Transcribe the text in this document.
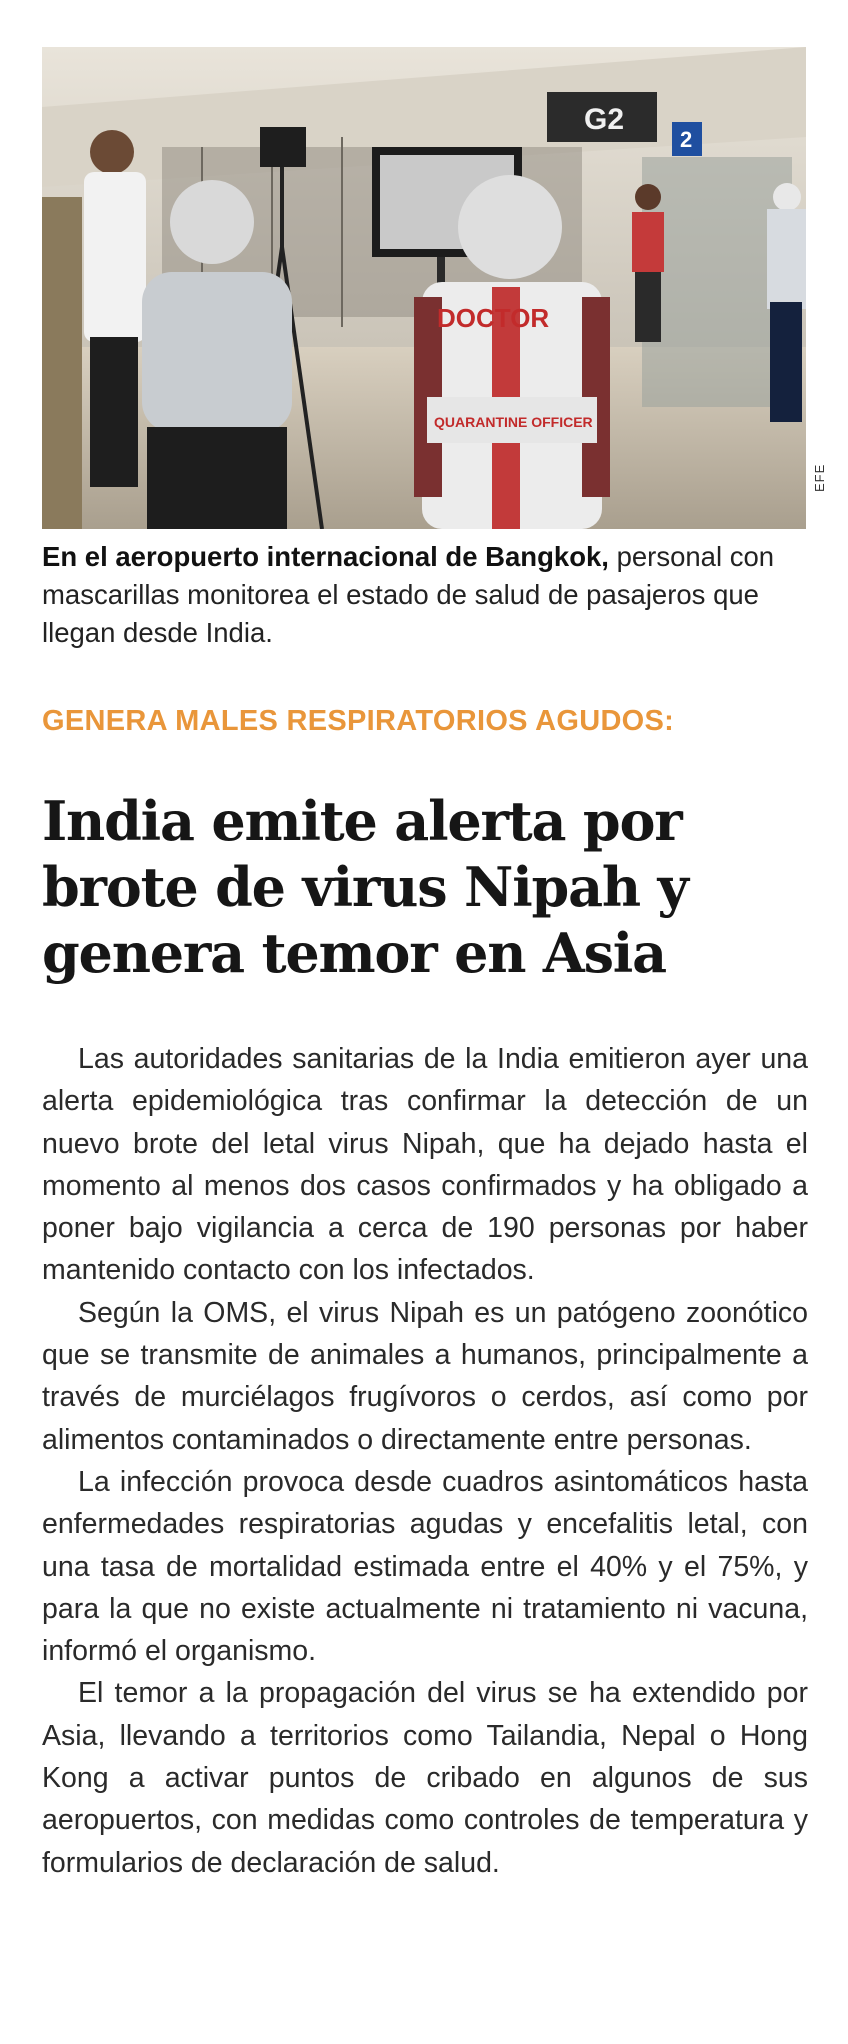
G2
2
DOCTOR
QUARANTINE OFFICER
EFE
En el aeropuerto internacional de Bangkok, personal con mascarillas monitorea el estado de salud de pasajeros que llegan desde India.
GENERA MALES RESPIRATORIOS AGUDOS:
India emite alerta por brote de virus Nipah y genera temor en Asia

Las autoridades sanitarias de la India emitieron ayer una alerta epidemiológica tras confirmar la detección de un nuevo brote del letal virus Nipah, que ha dejado hasta el momento al menos dos casos confirmados y ha obligado a poner bajo vigilancia a cerca de 190 personas por haber mantenido contacto con los infectados.

Según la OMS, el virus Nipah es un patógeno zoonótico que se transmite de animales a humanos, principalmente a través de murciélagos frugívoros o cerdos, así como por alimentos contaminados o directamente entre personas.

La infección provoca desde cuadros asintomáticos hasta enfermedades respiratorias agudas y encefalitis letal, con una tasa de mortalidad estimada entre el 40% y el 75%, y para la que no existe actualmente ni tratamiento ni vacuna, informó el organismo.

El temor a la propagación del virus se ha extendido por Asia, llevando a territorios como Tailandia, Nepal o Hong Kong a activar puntos de cribado en algunos de sus aeropuertos, con medidas como controles de temperatura y formularios de declaración de salud.
